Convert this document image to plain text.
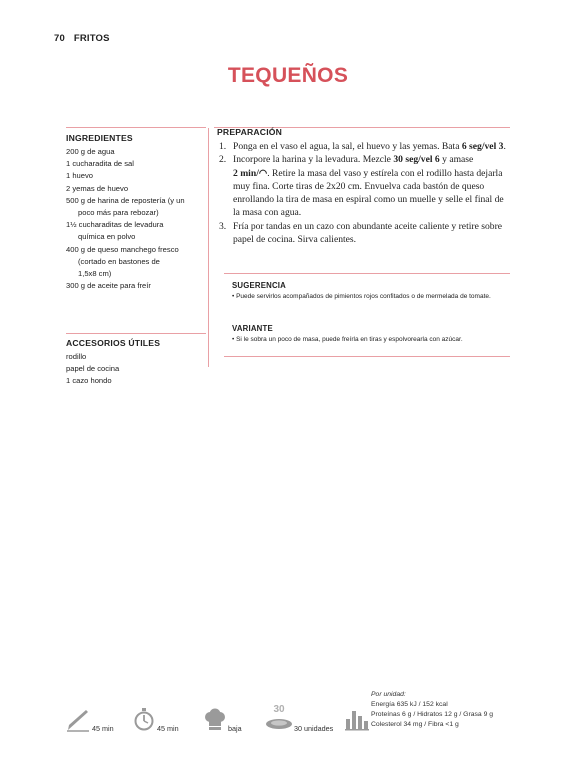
70 FRITOS
TEQUEÑOS
INGREDIENTES
200 g de agua
1 cucharadita de sal
1 huevo
2 yemas de huevo
500 g de harina de repostería (y un
poco más para rebozar)
1½ cucharaditas de levadura
química en polvo
400 g de queso manchego fresco
(cortado en bastones de
1,5x8 cm)
300 g de aceite para freír
ACCESORIOS ÚTILES
rodillo
papel de cocina
1 cazo hondo
PREPARACIÓN
1. Ponga en el vaso el agua, la sal, el huevo y las yemas. Bata 6 seg/vel 3.
2. Incorpore la harina y la levadura. Mezcle 30 seg/vel 6 y amase
2 min/◠. Retire la masa del vaso y estírela con el rodillo hasta dejarla muy fina. Corte tiras de 2x20 cm. Envuelva cada bastón de queso enrollando la tira de masa en espiral como un muelle y selle el final de la masa con agua.
3. Fría por tandas en un cazo con abundante aceite caliente y retire sobre papel de cocina. Sirva calientes.
SUGERENCIA
• Puede servirlos acompañados de pimientos rojos confitados o de mermelada de tomate.
VARIANTE
• Si le sobra un poco de masa, puede freírla en tiras y espolvorearla con azúcar.
45 min	45 min	baja
30
30 unidades
Por unidad:
Energía 635 kJ / 152 kcal
Proteínas 6 g / Hidratos 12 g / Grasa 9 g
Colesterol 34 mg / Fibra <1 g
